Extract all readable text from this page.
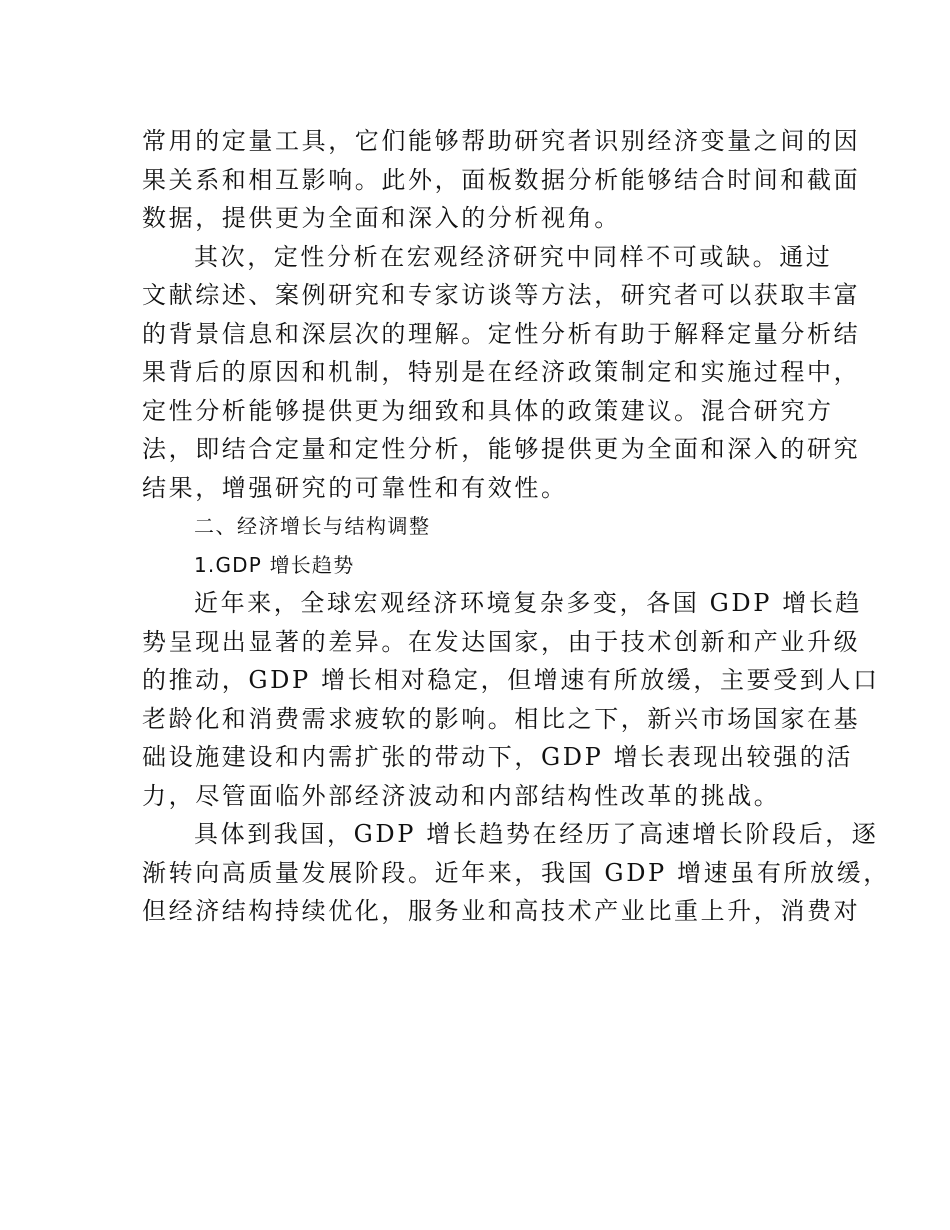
常用的定量工具，它们能够帮助研究者识别经济变量之间的因
果关系和相互影响。此外，面板数据分析能够结合时间和截面
数据，提供更为全面和深入的分析视角。
其次，定性分析在宏观经济研究中同样不可或缺。通过
文献综述、案例研究和专家访谈等方法，研究者可以获取丰富
的背景信息和深层次的理解。定性分析有助于解释定量分析结
果背后的原因和机制，特别是在经济政策制定和实施过程中，
定性分析能够提供更为细致和具体的政策建议。混合研究方
法，即结合定量和定性分析，能够提供更为全面和深入的研究
结果，增强研究的可靠性和有效性。
二、经济增长与结构调整
1.GDP 增长趋势
近年来，全球宏观经济环境复杂多变，各国 GDP 增长趋
势呈现出显著的差异。在发达国家，由于技术创新和产业升级
的推动，GDP 增长相对稳定，但增速有所放缓，主要受到人口
老龄化和消费需求疲软的影响。相比之下，新兴市场国家在基
础设施建设和内需扩张的带动下，GDP 增长表现出较强的活
力，尽管面临外部经济波动和内部结构性改革的挑战。
具体到我国，GDP 增长趋势在经历了高速增长阶段后，逐
渐转向高质量发展阶段。近年来，我国 GDP 增速虽有所放缓，
但经济结构持续优化，服务业和高技术产业比重上升，消费对
